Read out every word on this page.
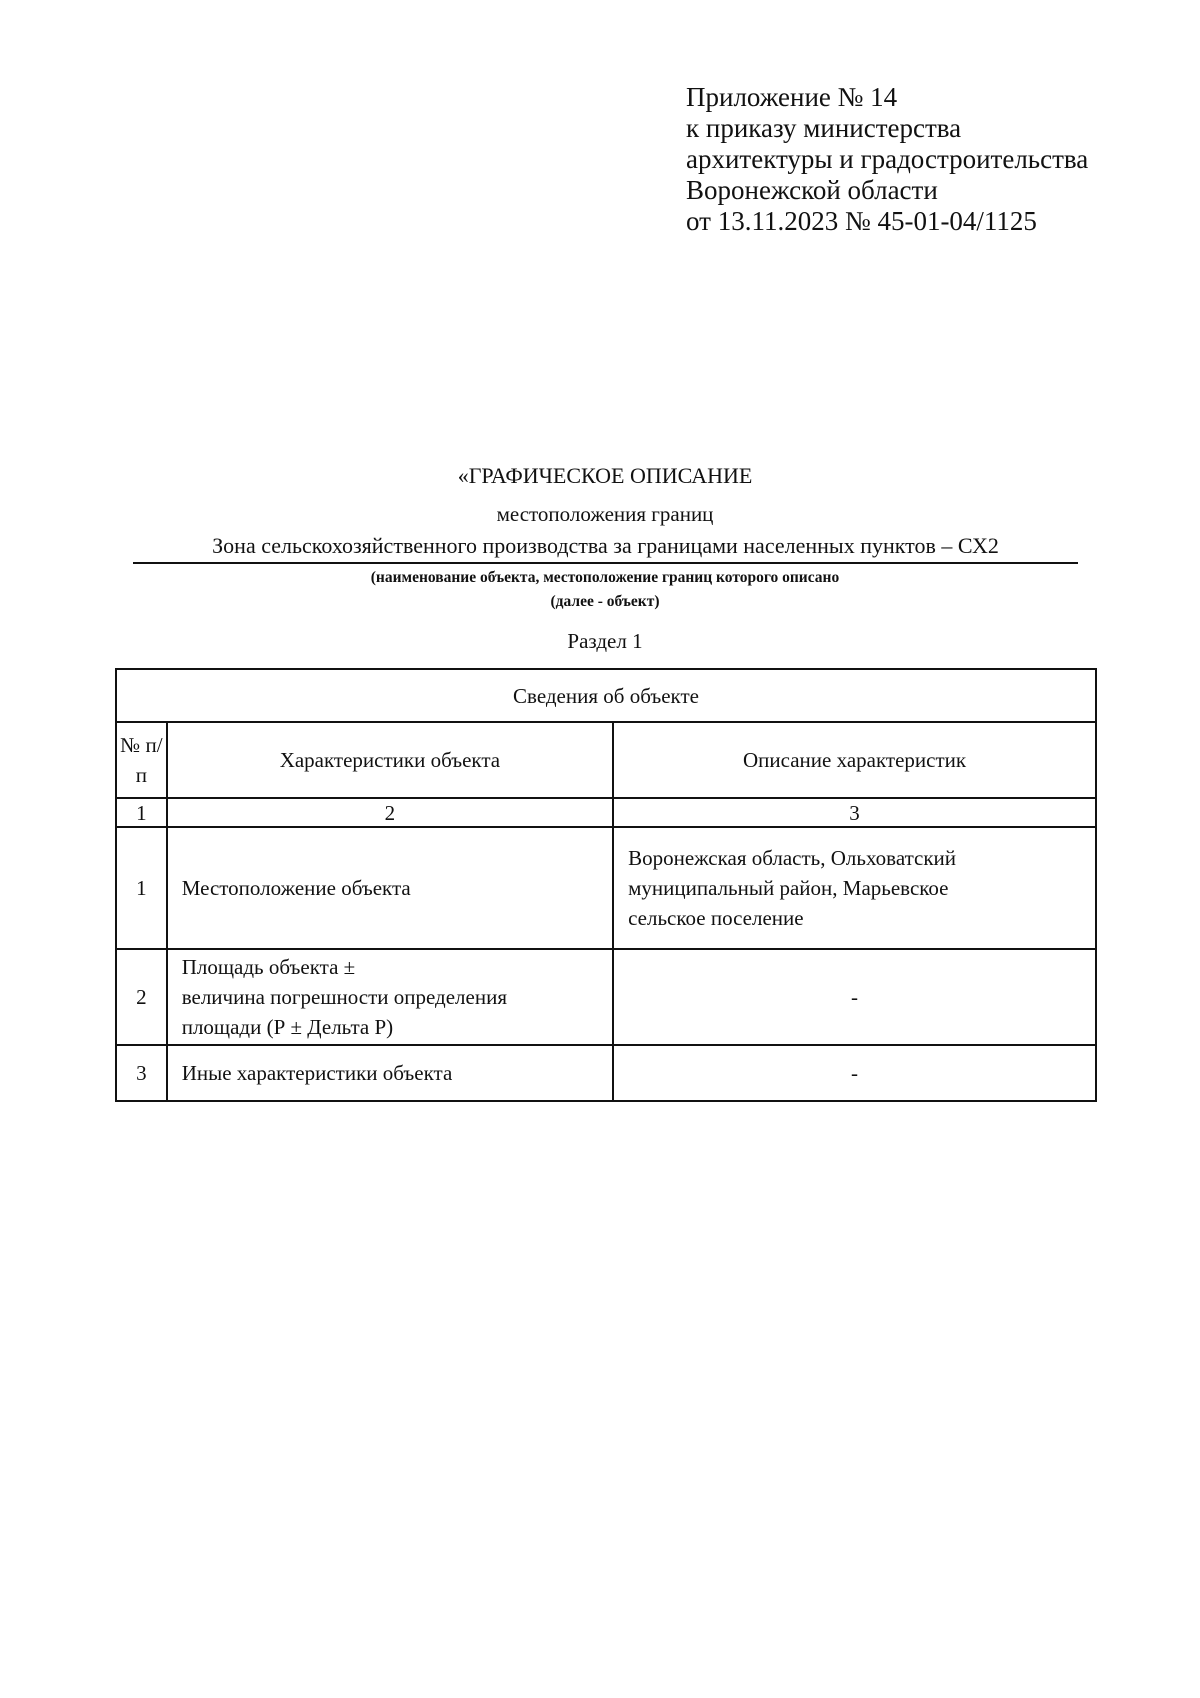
Приложение № 14
к приказу министерства
архитектуры и градостроительства
Воронежской области
от 13.11.2023 № 45-01-04/1125
«ГРАФИЧЕСКОЕ ОПИСАНИЕ
местоположения границ
Зона сельскохозяйственного производства за границами населенных пунктов – СХ2
(наименование объекта, местоположение границ которого описано
(далее - объект)
Раздел 1
Сведения об объекте		
№ п/п	Характеристики объекта	Описание характеристик
1	2	3
1	Местоположение объекта	Воронежская область, Ольховатский
муниципальный район, Марьевское
сельское поселение

2	Площадь объекта ±
величина погрешности определения
площади (Р ± Дельта Р)	-
3	Иные характеристики объекта	-
